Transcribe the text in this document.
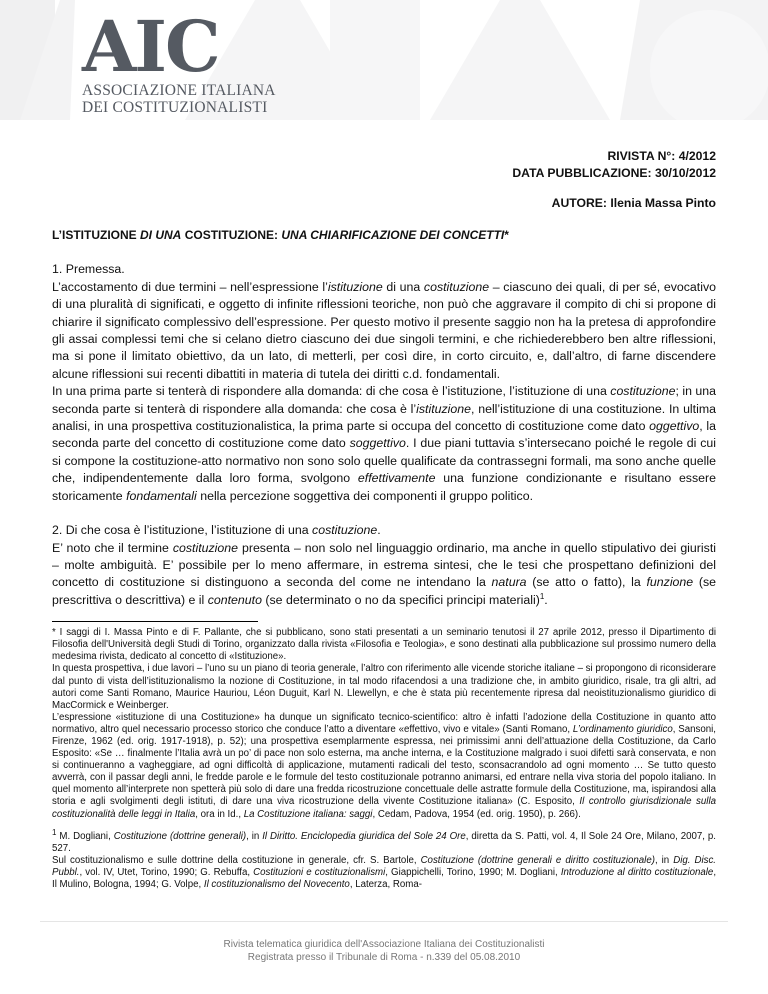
AIC
ASSOCIAZIONE ITALIANA
DEI COSTITUZIONALISTI
RIVISTA N°: 4/2012
DATA PUBBLICAZIONE: 30/10/2012
AUTORE: Ilenia Massa Pinto
L’ISTITUZIONE DI UNA COSTITUZIONE: UNA CHIARIFICAZIONE DEI CONCETTI*

1. Premessa.

L’accostamento di due termini – nell’espressione l’istituzione di una costituzione – ciascuno dei quali, di per sé, evocativo di una pluralità di significati, e oggetto di infinite riflessioni teoriche, non può che aggravare il compito di chi si propone di chiarire il significato complessivo dell’espressione. Per questo motivo il presente saggio non ha la pretesa di approfondire gli assai complessi temi che si celano dietro ciascuno dei due singoli termini, e che richiederebbero ben altre riflessioni, ma si pone il limitato obiettivo, da un lato, di metterli, per così dire, in corto circuito, e, dall’altro, di farne discendere alcune riflessioni sui recenti dibattiti in materia di tutela dei diritti c.d. fondamentali.

In una prima parte si tenterà di rispondere alla domanda: di che cosa è l’istituzione, l’istituzione di una costituzione; in una seconda parte si tenterà di rispondere alla domanda: che cosa è l’istituzione, nell’istituzione di una costituzione. In ultima analisi, in una prospettiva costituzionalistica, la prima parte si occupa del concetto di costituzione come dato oggettivo, la seconda parte del concetto di costituzione come dato soggettivo. I due piani tuttavia s’intersecano poiché le regole di cui si compone la costituzione-atto normativo non sono solo quelle qualificate da contrassegni formali, ma sono anche quelle che, indipendentemente dalla loro forma, svolgono effettivamente una funzione condizionante e risultano essere storicamente fondamentali nella percezione soggettiva dei componenti il gruppo politico.

2. Di che cosa è l’istituzione, l’istituzione di una costituzione.

E’ noto che il termine costituzione presenta – non solo nel linguaggio ordinario, ma anche in quello stipulativo dei giuristi – molte ambiguità. E’ possibile per lo meno affermare, in estrema sintesi, che le tesi che prospettano definizioni del concetto di costituzione si distinguono a seconda del come ne intendano la natura (se atto o fatto), la funzione (se prescrittiva o descrittiva) e il contenuto (se determinato o no da specifici principi materiali)$^1$.

* I saggi di I. Massa Pinto e di F. Pallante, che si pubblicano, sono stati presentati a un seminario tenutosi il 27 aprile 2012, presso il Dipartimento di Filosofia dell'Università degli Studi di Torino, organizzato dalla rivista «Filosofia e Teologia», e sono destinati alla pubblicazione sul prossimo numero della medesima rivista, dedicato al concetto di «Istituzione».

In questa prospettiva, i due lavori – l’uno su un piano di teoria generale, l’altro con riferimento alle vicende storiche italiane – si propongono di riconsiderare dal punto di vista dell’istituzionalismo la nozione di Costituzione, in tal modo rifacendosi a una tradizione che, in ambito giuridico, risale, tra gli altri, ad autori come Santi Romano, Maurice Hauriou, Léon Duguit, Karl N. Llewellyn, e che è stata più recentemente ripresa dal neoistituzionalismo giuridico di MacCormick e Weinberger.

L’espressione «istituzione di una Costituzione» ha dunque un significato tecnico-scientifico: altro è infatti l’adozione della Costituzione in quanto atto normativo, altro quel necessario processo storico che conduce l’atto a diventare «effettivo, vivo e vitale» (Santi Romano, L’ordinamento giuridico, Sansoni, Firenze, 1962 (ed. orig. 1917-1918), p. 52); una prospettiva esemplarmente espressa, nei primissimi anni dell’attuazione della Costituzione, da Carlo Esposito: «Se … finalmente l’Italia avrà un po’ di pace non solo esterna, ma anche interna, e la Costituzione malgrado i suoi difetti sarà conservata, e non si continueranno a vagheggiare, ad ogni difficoltà di applicazione, mutamenti radicali del testo, sconsacrandolo ad ogni momento … Se tutto questo avverrà, con il passar degli anni, le fredde parole e le formule del testo costituzionale potranno animarsi, ed entrare nella viva storia del popolo italiano. In quel momento all’interprete non spetterà più solo di dare una fredda ricostruzione concettuale delle astratte formule della Costituzione, ma, ispirandosi alla storia e agli svolgimenti degli istituti, di dare una viva ricostruzione della vivente Costituzione italiana» (C. Esposito, Il controllo giurisdizionale sulla costituzionalità delle leggi in Italia, ora in Id., La Costituzione italiana: saggi, Cedam, Padova, 1954 (ed. orig. 1950), p. 266).

$^1$ M. Dogliani, Costituzione (dottrine generali), in Il Diritto. Enciclopedia giuridica del Sole 24 Ore, diretta da S. Patti, vol. 4, Il Sole 24 Ore, Milano, 2007, p. 527.

Sul costituzionalismo e sulle dottrine della costituzione in generale, cfr. S. Bartole, Costituzione (dottrine generali e diritto costituzionale), in Dig. Disc. Pubbl., vol. IV, Utet, Torino, 1990; G. Rebuffa, Costituzioni e costituzionalismi, Giappichelli, Torino, 1990; M. Dogliani, Introduzione al diritto costituzionale, Il Mulino, Bologna, 1994; G. Volpe, Il costituzionalismo del Novecento, Laterza, Roma-

Rivista telematica giuridica dell'Associazione Italiana dei Costituzionalisti
Registrata presso il Tribunale di Roma - n.339 del 05.08.2010
